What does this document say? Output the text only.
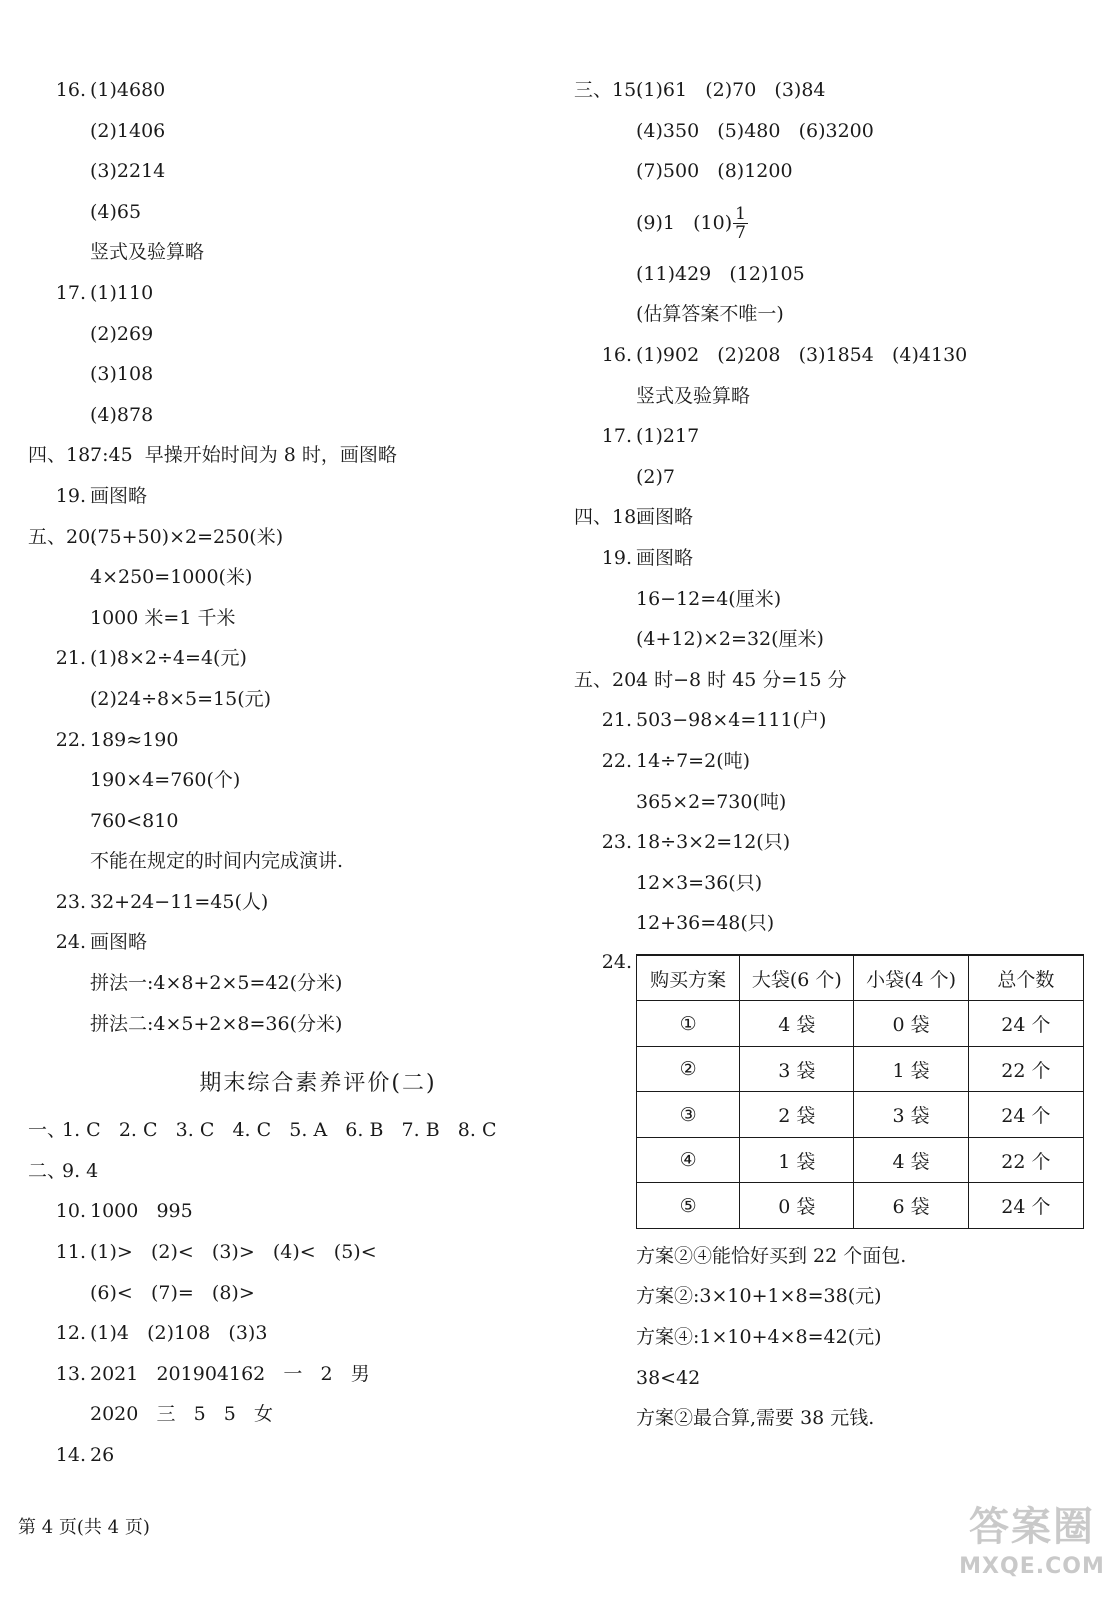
16. (1)4680
(2)1406
(3)2214
(4)65
竖式及验算略
17. (1)110
(2)269
(3)108
(4)878
四、18.7:45  早操开始时间为 8 时，画图略
19. 画图略
五、20.(75+50)×2=250(米)
4×250=1000(米)
1000 米=1 千米
21. (1)8×2÷4=4(元)
(2)24÷8×5=15(元)
22. 189≈190
190×4=760(个)
760<810
不能在规定的时间内完成演讲.
23. 32+24−11=45(人)
24. 画图略
拼法一:4×8+2×5=42(分米)
拼法二:4×5+2×8=36(分米)
期末综合素养评价(二)
一、1. C   2. C   3. C   4. C   5. A   6. B   7. B   8. C
二、9. 4
10. 1000   995
11. (1)>   (2)<   (3)>   (4)<   (5)<
(6)<   (7)=   (8)>
12. (1)4   (2)108   (3)3
13. 2021   201904162   一   2   男
2020   三   5   5   女
14. 26
三、15.(1)61   (2)70   (3)84
(4)350   (5)480   (6)3200
(7)500   (8)1200
(9)1   $(10) \frac{1}{7}$
(11)429   (12)105
(估算答案不唯一)
16. (1)902   (2)208   (3)1854   (4)4130
竖式及验算略
17. (1)217
(2)7
四、18.画图略
19. 画图略
16−12=4(厘米)
(4+12)×2=32(厘米)
五、20.4 时−8 时 45 分=15 分
21. 503−98×4=111(户)
22. 14÷7=2(吨)
365×2=730(吨)
23. 18÷3×2=12(只)
12×3=36(只)
12+36=48(只)
24.
购买方案	大袋(6 个)	小袋(4 个)	总个数
①	4 袋	0 袋	24 个
②	3 袋	1 袋	22 个
③	2 袋	3 袋	24 个
④	1 袋	4 袋	22 个
⑤	0 袋	6 袋	24 个
方案②④能恰好买到 22 个面包.
方案②:3×10+1×8=38(元)
方案④:1×10+4×8=42(元)
38<42
方案②最合算,需要 38 元钱.
第 4 页(共 4 页)	答案圈
MXQE.COM
